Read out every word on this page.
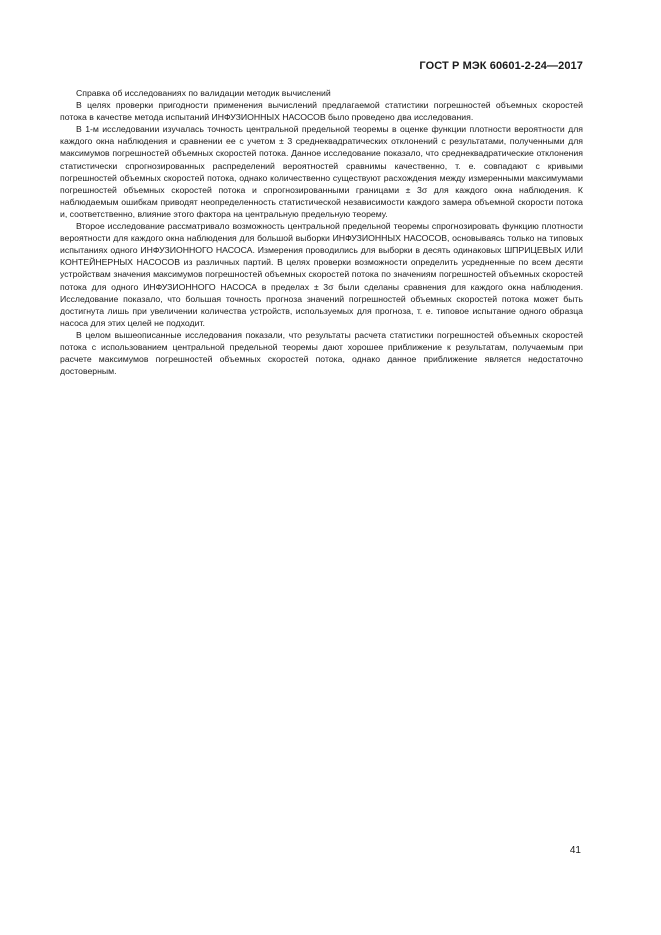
ГОСТ Р МЭК 60601-2-24—2017

Справка об исследованиях по валидации методик вычислений

В целях проверки пригодности применения вычислений предлагаемой статистики погрешностей объемных скоростей потока в качестве метода испытаний ИНФУЗИОННЫХ НАСОСОВ было проведено два исследования.

В 1-м исследовании изучалась точность центральной предельной теоремы в оценке функции плотности вероятности для каждого окна наблюдения и сравнении ее с учетом ± 3 среднеквадратических отклонений с результатами, полученными для максимумов погрешностей объемных скоростей потока. Данное исследование показало, что среднеквадратические отклонения статистически спрогнозированных распределений вероятностей сравнимы качественно, т. е. совпадают с кривыми погрешностей объемных скоростей потока, однако количественно существуют расхождения между измеренными максимумами погрешностей объемных скоростей потока и спрогнозированными границами ± 3σ для каждого окна наблюдения. К наблюдаемым ошибкам приводят неопределенность статистической независимости каждого замера объемной скорости потока и, соответственно, влияние этого фактора на центральную предельную теорему.

Второе исследование рассматривало возможность центральной предельной теоремы спрогнозировать функцию плотности вероятности для каждого окна наблюдения для большой выборки ИНФУЗИОННЫХ НАСОСОВ, основываясь только на типовых испытаниях одного ИНФУЗИОННОГО НАСОСА. Измерения проводились для выборки в десять одинаковых ШПРИЦЕВЫХ ИЛИ КОНТЕЙНЕРНЫХ НАСОСОВ из различных партий. В целях проверки возможности определить усредненные по всем десяти устройствам значения максимумов погрешностей объемных скоростей потока по значениям погрешностей объемных скоростей потока для одного ИНФУЗИОННОГО НАСОСА в пределах ± 3σ были сделаны сравнения для каждого окна наблюдения. Исследование показало, что большая точность прогноза значений погрешностей объемных скоростей потока может быть достигнута лишь при увеличении количества устройств, используемых для прогноза, т. е. типовое испытание одного образца насоса для этих целей не подходит.

В целом вышеописанные исследования показали, что результаты расчета статистики погрешностей объемных скоростей потока с использованием центральной предельной теоремы дают хорошее приближение к результатам, получаемым при расчете максимумов погрешностей объемных скоростей потока, однако данное приближение является недостаточно достоверным.

41
